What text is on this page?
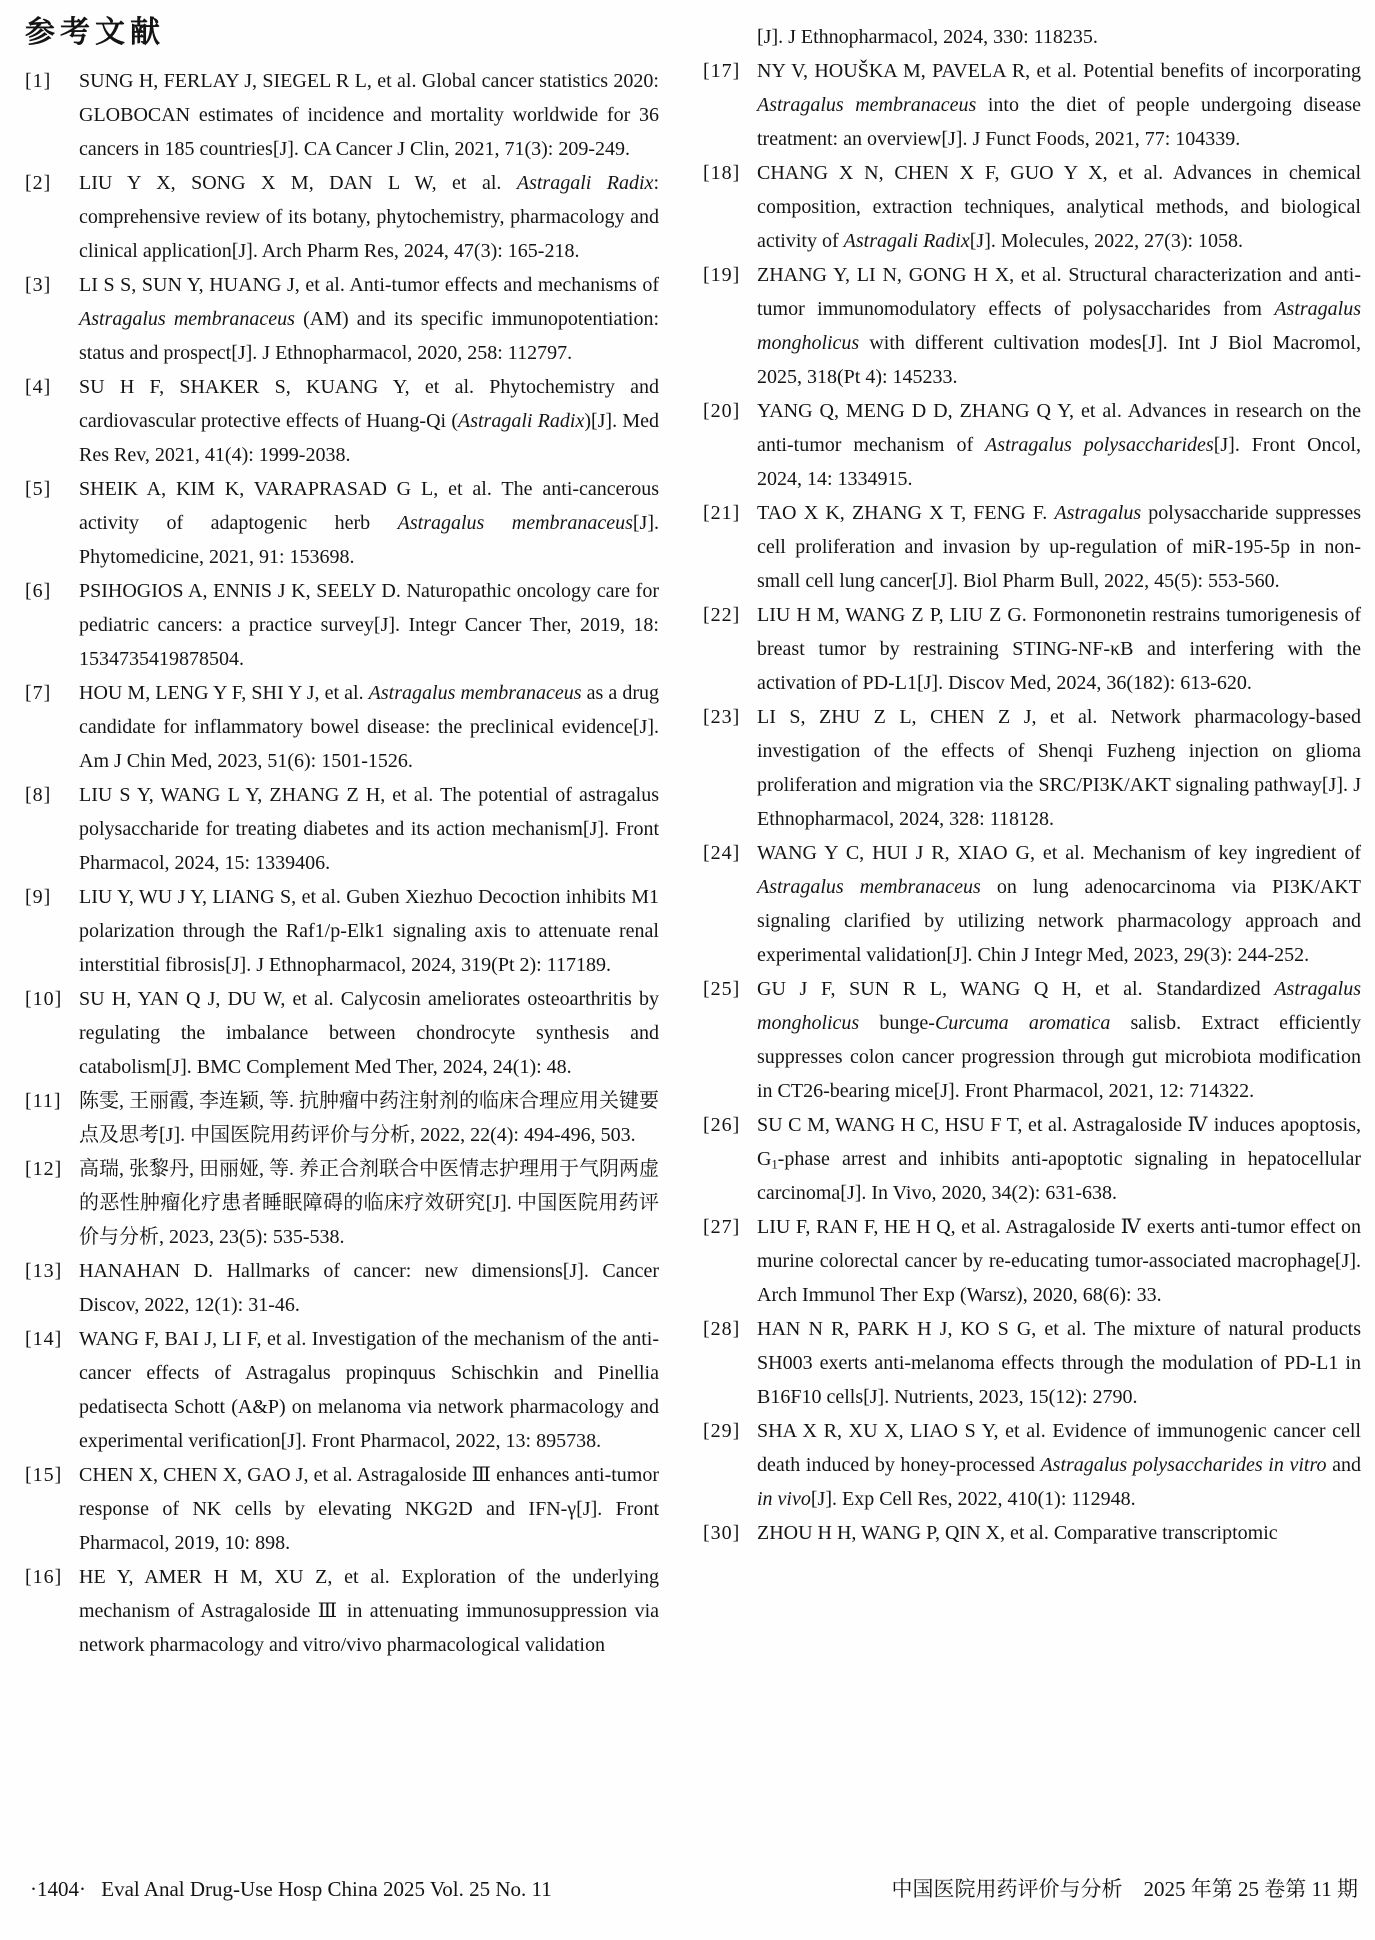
参考文献
[1]	SUNG H, FERLAY J, SIEGEL R L, et al. Global cancer statistics 2020: GLOBOCAN estimates of incidence and mortality worldwide for 36 cancers in 185 countries[J]. CA Cancer J Clin, 2021, 71(3): 209-249.
[2]	LIU Y X, SONG X M, DAN L W, et al. Astragali Radix: comprehensive review of its botany, phytochemistry, pharmacology and clinical application[J]. Arch Pharm Res, 2024, 47(3): 165-218.
[3]	LI S S, SUN Y, HUANG J, et al. Anti-tumor effects and mechanisms of Astragalus membranaceus (AM) and its specific immunopotentiation: status and prospect[J]. J Ethnopharmacol, 2020, 258: 112797.
[4]	SU H F, SHAKER S, KUANG Y, et al. Phytochemistry and cardiovascular protective effects of Huang-Qi (Astragali Radix)[J]. Med Res Rev, 2021, 41(4): 1999-2038.
[5]	SHEIK A, KIM K, VARAPRASAD G L, et al. The anti-cancerous activity of adaptogenic herb Astragalus membranaceus[J]. Phytomedicine, 2021, 91: 153698.
[6]	PSIHOGIOS A, ENNIS J K, SEELY D. Naturopathic oncology care for pediatric cancers: a practice survey[J]. Integr Cancer Ther, 2019, 18: 1534735419878504.
[7]	HOU M, LENG Y F, SHI Y J, et al. Astragalus membranaceus as a drug candidate for inflammatory bowel disease: the preclinical evidence[J]. Am J Chin Med, 2023, 51(6): 1501-1526.
[8]	LIU S Y, WANG L Y, ZHANG Z H, et al. The potential of astragalus polysaccharide for treating diabetes and its action mechanism[J]. Front Pharmacol, 2024, 15: 1339406.
[9]	LIU Y, WU J Y, LIANG S, et al. Guben Xiezhuo Decoction inhibits M1 polarization through the Raf1/p-Elk1 signaling axis to attenuate renal interstitial fibrosis[J]. J Ethnopharmacol, 2024, 319(Pt 2): 117189.
[10] SU H, YAN Q J, DU W, et al. Calycosin ameliorates osteoarthritis by regulating the imbalance between chondrocyte synthesis and catabolism[J]. BMC Complement Med Ther, 2024, 24(1): 48.
[11] 陈雯, 王丽霞, 李连颖, 等. 抗肿瘤中药注射剂的临床合理应用关键要点及思考[J]. 中国医院用药评价与分析, 2022, 22(4): 494-496, 503.
[12] 高瑞, 张黎丹, 田丽娅, 等. 养正合剂联合中医情志护理用于气阴两虚的恶性肿瘤化疗患者睡眠障碍的临床疗效研究[J]. 中国医院用药评价与分析, 2023, 23(5): 535-538.
[13] HANAHAN D. Hallmarks of cancer: new dimensions[J]. Cancer Discov, 2022, 12(1): 31-46.
[14] WANG F, BAI J, LI F, et al. Investigation of the mechanism of the anti-cancer effects of Astragalus propinquus Schischkin and Pinellia pedatisecta Schott (A&P) on melanoma via network pharmacology and experimental verification[J]. Front Pharmacol, 2022, 13: 895738.
[15] CHEN X, CHEN X, GAO J, et al. Astragaloside Ⅲ enhances anti-tumor response of NK cells by elevating NKG2D and IFN-γ[J]. Front Pharmacol, 2019, 10: 898.
[16] HE Y, AMER H M, XU Z, et al. Exploration of the underlying mechanism of Astragaloside Ⅲ in attenuating immunosuppression via network pharmacology and vitro/vivo pharmacological validation
[J]. J Ethnopharmacol, 2024, 330: 118235.
[17] NY V, HOUŠKA M, PAVELA R, et al. Potential benefits of incorporating Astragalus membranaceus into the diet of people undergoing disease treatment: an overview[J]. J Funct Foods, 2021, 77: 104339.
[18] CHANG X N, CHEN X F, GUO Y X, et al. Advances in chemical composition, extraction techniques, analytical methods, and biological activity of Astragali Radix[J]. Molecules, 2022, 27(3): 1058.
[19] ZHANG Y, LI N, GONG H X, et al. Structural characterization and anti-tumor immunomodulatory effects of polysaccharides from Astragalus mongholicus with different cultivation modes[J]. Int J Biol Macromol, 2025, 318(Pt 4): 145233.
[20] YANG Q, MENG D D, ZHANG Q Y, et al. Advances in research on the anti-tumor mechanism of Astragalus polysaccharides[J]. Front Oncol, 2024, 14: 1334915.
[21] TAO X K, ZHANG X T, FENG F. Astragalus polysaccharide suppresses cell proliferation and invasion by up-regulation of miR-195-5p in non-small cell lung cancer[J]. Biol Pharm Bull, 2022, 45(5): 553-560.
[22] LIU H M, WANG Z P, LIU Z G. Formononetin restrains tumorigenesis of breast tumor by restraining STING-NF-κB and interfering with the activation of PD-L1[J]. Discov Med, 2024, 36(182): 613-620.
[23] LI S, ZHU Z L, CHEN Z J, et al. Network pharmacology-based investigation of the effects of Shenqi Fuzheng injection on glioma proliferation and migration via the SRC/PI3K/AKT signaling pathway[J]. J Ethnopharmacol, 2024, 328: 118128.
[24] WANG Y C, HUI J R, XIAO G, et al. Mechanism of key ingredient of Astragalus membranaceus on lung adenocarcinoma via PI3K/AKT signaling clarified by utilizing network pharmacology approach and experimental validation[J]. Chin J Integr Med, 2023, 29(3): 244-252.
[25] GU J F, SUN R L, WANG Q H, et al. Standardized Astragalus mongholicus bunge-Curcuma aromatica salisb. Extract efficiently suppresses colon cancer progression through gut microbiota modification in CT26-bearing mice[J]. Front Pharmacol, 2021, 12: 714322.
[26] SU C M, WANG H C, HSU F T, et al. Astragaloside Ⅳ induces apoptosis, G1-phase arrest and inhibits anti-apoptotic signaling in hepatocellular carcinoma[J]. In Vivo, 2020, 34(2): 631-638.
[27] LIU F, RAN F, HE H Q, et al. Astragaloside Ⅳ exerts anti-tumor effect on murine colorectal cancer by re-educating tumor-associated macrophage[J]. Arch Immunol Ther Exp (Warsz), 2020, 68(6): 33.
[28] HAN N R, PARK H J, KO S G, et al. The mixture of natural products SH003 exerts anti-melanoma effects through the modulation of PD-L1 in B16F10 cells[J]. Nutrients, 2023, 15(12): 2790.
[29] SHA X R, XU X, LIAO S Y, et al. Evidence of immunogenic cancer cell death induced by honey-processed Astragalus polysaccharides in vitro and in vivo[J]. Exp Cell Res, 2022, 410(1): 112948.
[30] ZHOU H H, WANG P, QIN X, et al. Comparative transcriptomic
·1404· Eval Anal Drug-Use Hosp China 2025 Vol. 25 No. 11	中国医院用药评价与分析　2025 年第 25 卷第 11 期
